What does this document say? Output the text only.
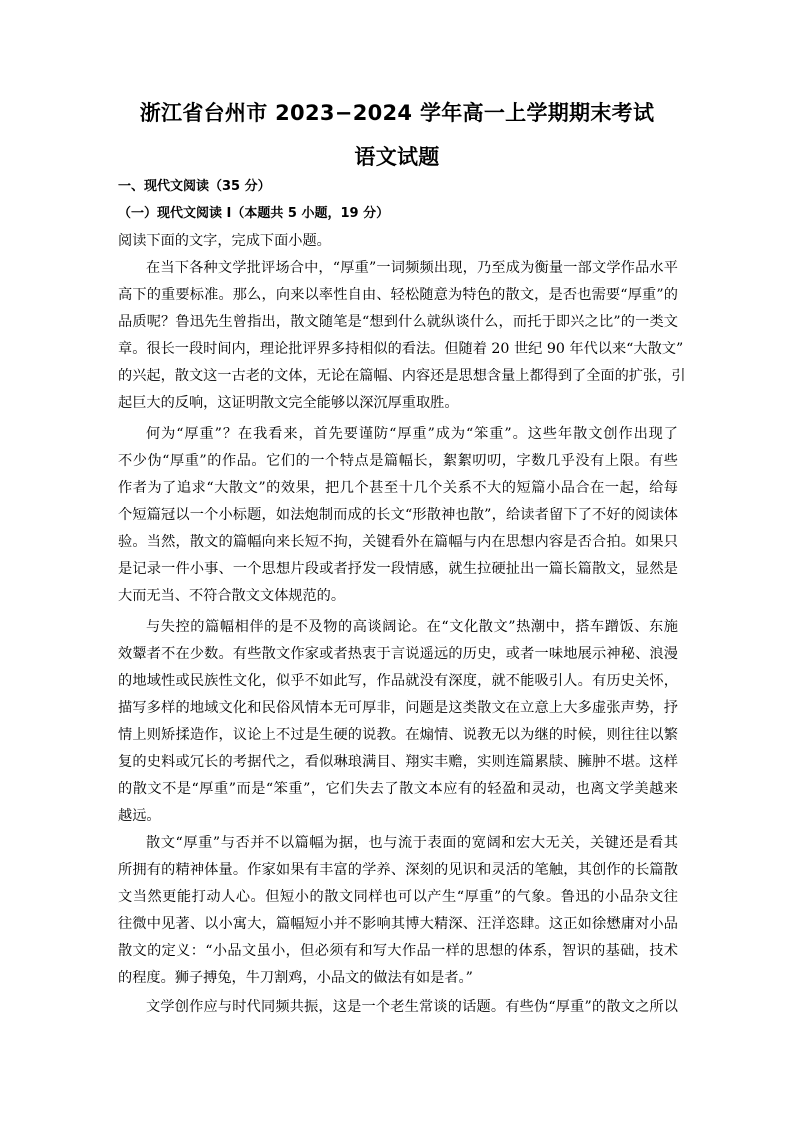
浙江省台州市 2023−2024 学年高一上学期期末考试
语文试题
一、现代文阅读（35 分）
（一）现代文阅读 I（本题共 5 小题，19 分）
阅读下面的文字，完成下面小题。
在当下各种文学批评场合中，“厚重”一词频频出现，乃至成为衡量一部文学作品水平
高下的重要标准。那么，向来以率性自由、轻松随意为特色的散文，是否也需要“厚重”的
品质呢？鲁迅先生曾指出，散文随笔是“想到什么就纵谈什么，而托于即兴之比”的一类文
章。很长一段时间内，理论批评界多持相似的看法。但随着 20 世纪 90 年代以来“大散文”
的兴起，散文这一古老的文体，无论在篇幅、内容还是思想含量上都得到了全面的扩张，引
起巨大的反响，这证明散文完全能够以深沉厚重取胜。
何为“厚重”？在我看来，首先要谨防“厚重”成为“笨重”。这些年散文创作出现了
不少伪“厚重”的作品。它们的一个特点是篇幅长，絮絮叨叨，字数几乎没有上限。有些
作者为了追求“大散文”的效果，把几个甚至十几个关系不大的短篇小品合在一起，给每
个短篇冠以一个小标题，如法炮制而成的长文“形散神也散”，给读者留下了不好的阅读体
验。当然，散文的篇幅向来长短不拘，关键看外在篇幅与内在思想内容是否合拍。如果只
是记录一件小事、一个思想片段或者抒发一段情感，就生拉硬扯出一篇长篇散文，显然是
大而无当、不符合散文文体规范的。
与失控的篇幅相伴的是不及物的高谈阔论。在“文化散文”热潮中，搭车蹭饭、东施
效颦者不在少数。有些散文作家或者热衷于言说遥远的历史，或者一味地展示神秘、浪漫
的地域性或民族性文化，似乎不如此写，作品就没有深度，就不能吸引人。有历史关怀，
描写多样的地域文化和民俗风情本无可厚非，问题是这类散文在立意上大多虚张声势，抒
情上则矫揉造作，议论上不过是生硬的说教。在煽情、说教无以为继的时候，则往往以繁
复的史料或冗长的考据代之，看似琳琅满目、翔实丰赡，实则连篇累牍、臃肿不堪。这样
的散文不是“厚重”而是“笨重”，它们失去了散文本应有的轻盈和灵动，也离文学美越来
越远。
散文“厚重”与否并不以篇幅为据，也与流于表面的宽阔和宏大无关，关键还是看其
所拥有的精神体量。作家如果有丰富的学养、深刻的见识和灵活的笔触，其创作的长篇散
文当然更能打动人心。但短小的散文同样也可以产生“厚重”的气象。鲁迅的小品杂文往
往微中见著、以小寓大，篇幅短小并不影响其博大精深、汪洋恣肆。这正如徐懋庸对小品
散文的定义：“小品文虽小，但必须有和写大作品一样的思想的体系，智识的基础，技术
的程度。狮子搏兔，牛刀割鸡，小品文的做法有如是者。”
文学创作应与时代同频共振，这是一个老生常谈的话题。有些伪“厚重”的散文之所以
